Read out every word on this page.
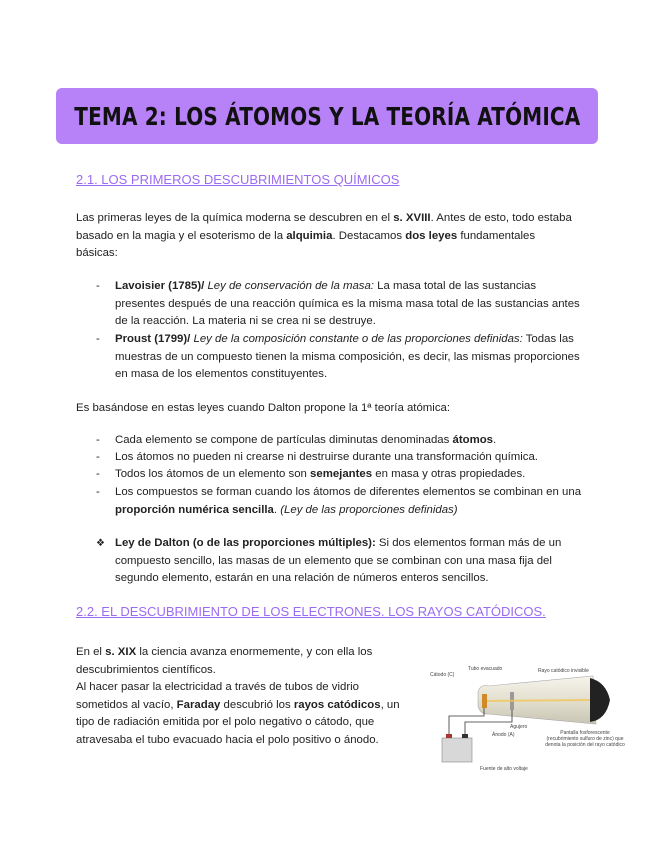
TEMA 2: LOS ÁTOMOS Y LA TEORÍA ATÓMICA
2.1. LOS PRIMEROS DESCUBRIMIENTOS QUÍMICOS

Las primeras leyes de la química moderna se descubren en el s. XVIII. Antes de esto, todo estaba basado en la magia y el esoterismo de la alquimia. Destacamos dos leyes fundamentales básicas:

- Lavoisier (1785)/ Ley de conservación de la masa: La masa total de las sustancias presentes después de una reacción química es la misma masa total de las sustancias antes de la reacción. La materia ni se crea ni se destruye.
- Proust (1799)/ Ley de la composición constante o de las proporciones definidas: Todas las muestras de un compuesto tienen la misma composición, es decir, las mismas proporciones en masa de los elementos constituyentes.

Es basándose en estas leyes cuando Dalton propone la 1ª teoría atómica:

- Cada elemento se compone de partículas diminutas denominadas átomos.
- Los átomos no pueden ni crearse ni destruirse durante una transformación química.
- Todos los átomos de un elemento son semejantes en masa y otras propiedades.
- Los compuestos se forman cuando los átomos de diferentes elementos se combinan en una proporción numérica sencilla. (Ley de las proporciones definidas)
❖ Ley de Dalton (o de las proporciones múltiples): Si dos elementos forman más de un compuesto sencillo, las masas de un elemento que se combinan con una masa fija del segundo elemento, estarán en una relación de números enteros sencillos.
2.2. EL DESCUBRIMIENTO DE LOS ELECTRONES. LOS RAYOS CATÓDICOS.

En el s. XIX la ciencia avanza enormemente, y con ella los descubrimientos científicos.

Al hacer pasar la electricidad a través de tubos de vidrio sometidos al vacío, Faraday descubrió los rayos catódicos, un tipo de radiación emitida por el polo negativo o cátodo, que atravesaba el tubo evacuado hacia el polo positivo o ánodo.

Cátodo (C)
Tubo evacuado	Rayo catódico invisible
Agujero
Ánodo (A)
Fuente de alto voltaje
Pantalla fosforescente (recubrimiento sulfuro de zinc) que denota la posición del rayo catódico
